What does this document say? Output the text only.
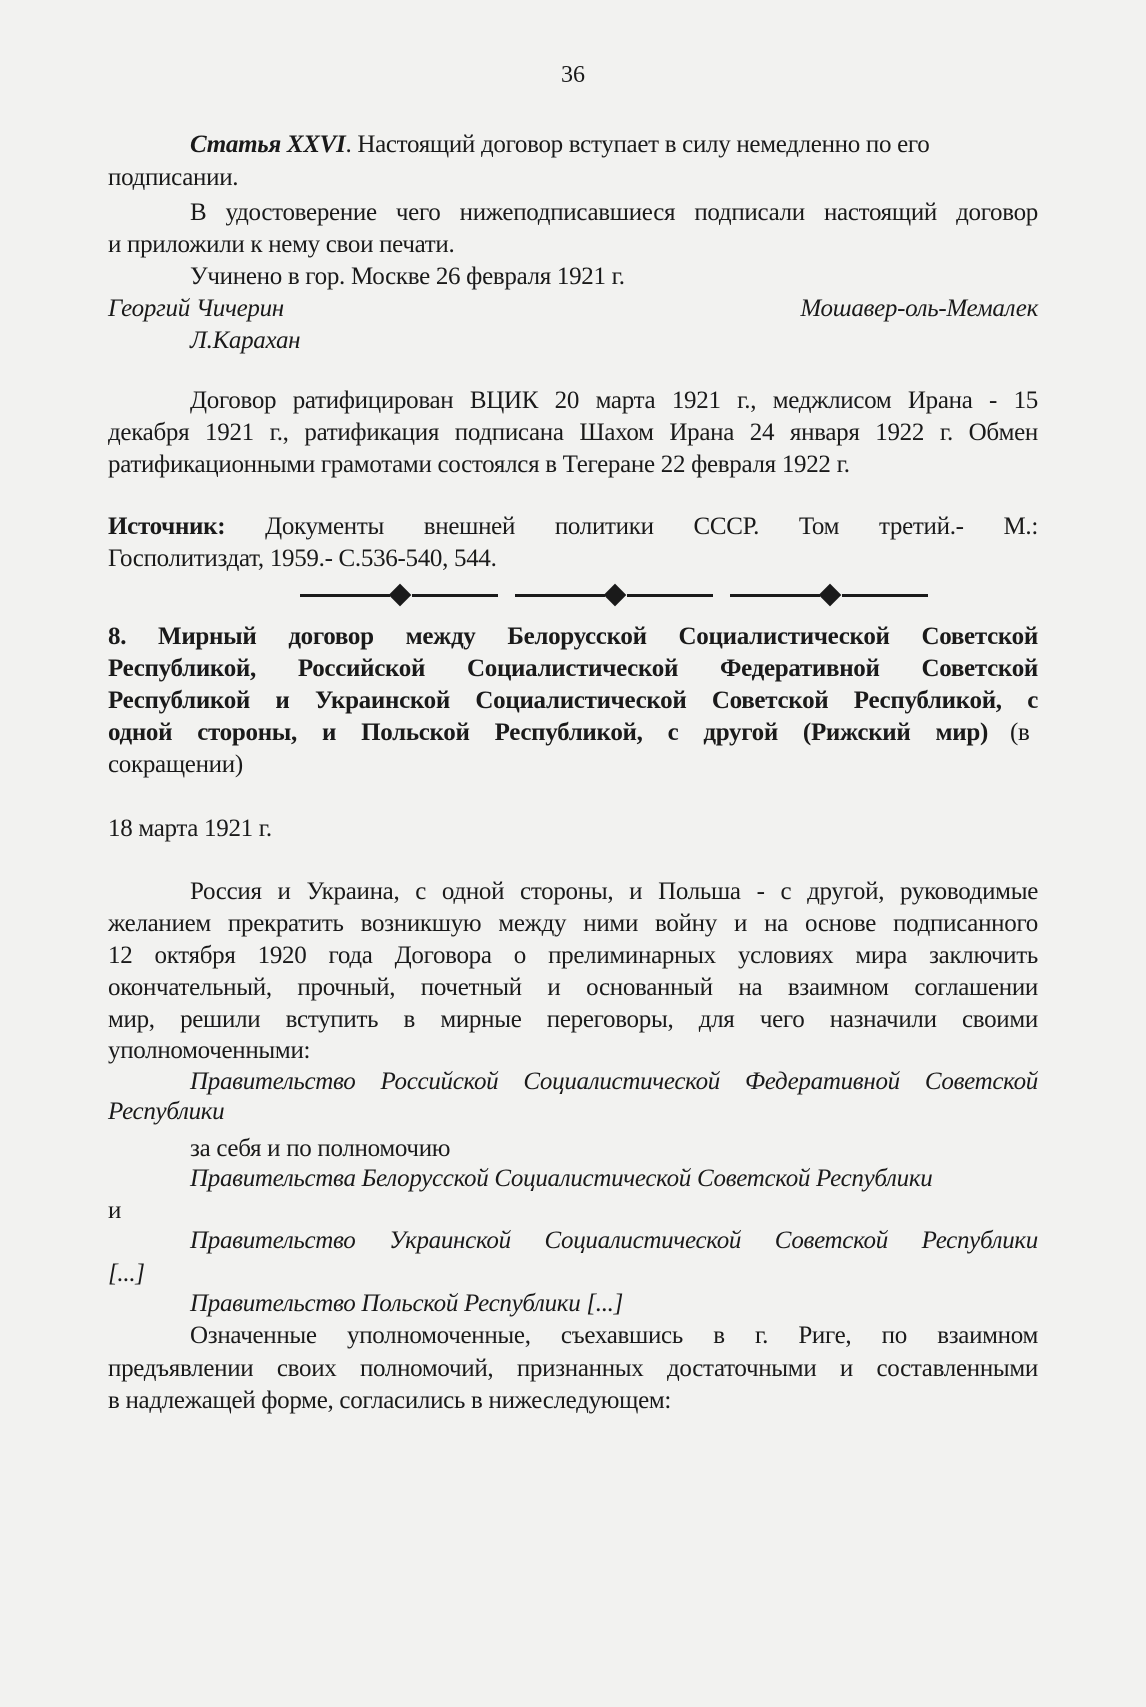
36
Статья XXVI. Настоящий договор вступает в силу немедленно по его
подписании.
В удостоверение чего нижеподписавшиеся подписали настоящий договор
и приложили к нему свои печати.
Учинено в гор. Москве 26 февраля 1921 г.
Георгий Чичерин	Мошавер-оль-Мемалек
Л.Карахан
Договор ратифицирован ВЦИК 20 марта 1921 г., меджлисом Ирана - 15
декабря 1921 г., ратификация подписана Шахом Ирана 24 января 1922 г. Обмен
ратификационными грамотами состоялся в Тегеране 22 февраля 1922 г.
Источник: Документы внешней политики СССР. Том третий.- М.:
Госполитиздат, 1959.- С.536-540, 544.
8. Мирный договор между Белорусской Социалистической Советской
Республикой, Российской Социалистической Федеративной Советской
Республикой и Украинской Социалистической Советской Республикой, с
одной стороны, и Польской Республикой, с другой (Рижский мир) (в
сокращении)
18 марта 1921 г.
Россия и Украина, с одной стороны, и Польша - с другой, руководимые
желанием прекратить возникшую между ними войну и на основе подписанного
12 октября 1920 года Договора о прелиминарных условиях мира заключить
окончательный, прочный, почетный и основанный на взаимном соглашении
мир, решили вступить в мирные переговоры, для чего назначили своими
уполномоченными:
Правительство Российской Социалистической Федеративной Советской
Республики
за себя и по полномочию
Правительства Белорусской Социалистической Советской Республики
и
Правительство Украинской Социалистической Советской Республики
[...]
Правительство Польской Республики [...]
Означенные уполномоченные, съехавшись в г. Риге, по взаимном
предъявлении своих полномочий, признанных достаточными и составленными
в надлежащей форме, согласились в нижеследующем:
